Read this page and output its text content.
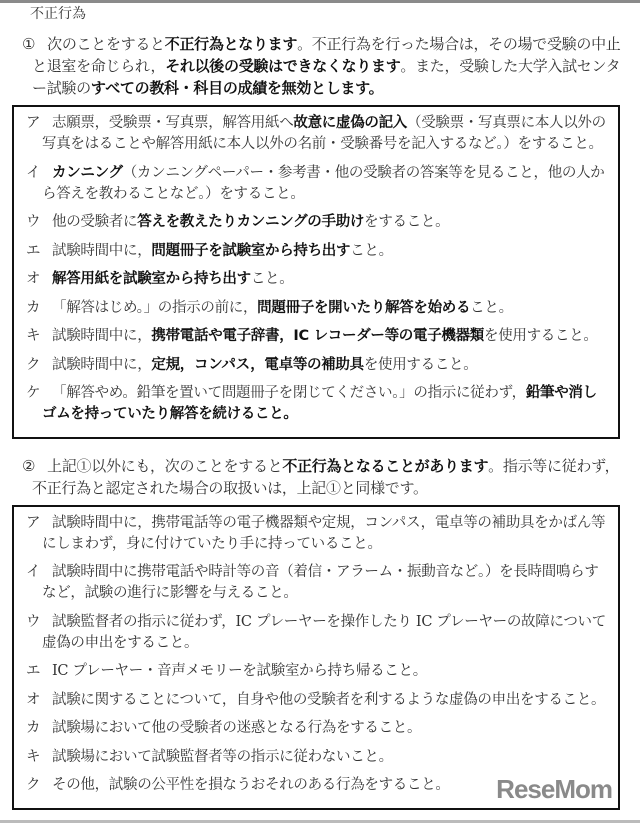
不正行為
① 次のことをすると不正行為となります。不正行為を行った場合は，その場で受験の中止と退室を命じられ，それ以後の受験はできなくなります。また，受験した大学入試センター試験のすべての教科・科目の成績を無効とします。
ア 志願票，受験票・写真票，解答用紙へ故意に虚偽の記入（受験票・写真票に本人以外の写真をはることや解答用紙に本人以外の名前・受験番号を記入するなど。）をすること。
イ カンニング（カンニングペーパー・参考書・他の受験者の答案等を見ること，他の人から答えを教わることなど。）をすること。
ウ 他の受験者に答えを教えたりカンニングの手助けをすること。
エ 試験時間中に，問題冊子を試験室から持ち出すこと。
オ 解答用紙を試験室から持ち出すこと。
カ 「解答はじめ。」の指示の前に，問題冊子を開いたり解答を始めること。
キ 試験時間中に，携帯電話や電子辞書，IC レコーダー等の電子機器類を使用すること。
ク 試験時間中に，定規，コンパス，電卓等の補助具を使用すること。
ケ 「解答やめ。鉛筆を置いて問題冊子を閉じてください。」の指示に従わず，鉛筆や消しゴムを持っていたり解答を続けること。
② 上記①以外にも，次のことをすると不正行為となることがあります。指示等に従わず，不正行為と認定された場合の取扱いは，上記①と同様です。
ア 試験時間中に，携帯電話等の電子機器類や定規，コンパス，電卓等の補助具をかばん等にしまわず，身に付けていたり手に持っていること。
イ 試験時間中に携帯電話や時計等の音（着信・アラーム・振動音など。）を長時間鳴らすなど，試験の進行に影響を与えること。
ウ 試験監督者の指示に従わず，IC プレーヤーを操作したり IC プレーヤーの故障について虚偽の申出をすること。
エ IC プレーヤー・音声メモリーを試験室から持ち帰ること。
オ 試験に関することについて，自身や他の受験者を利するような虚偽の申出をすること。
カ 試験場において他の受験者の迷惑となる行為をすること。
キ 試験場において試験監督者等の指示に従わないこと。
ク その他，試験の公平性を損なうおそれのある行為をすること。	ReseMom
